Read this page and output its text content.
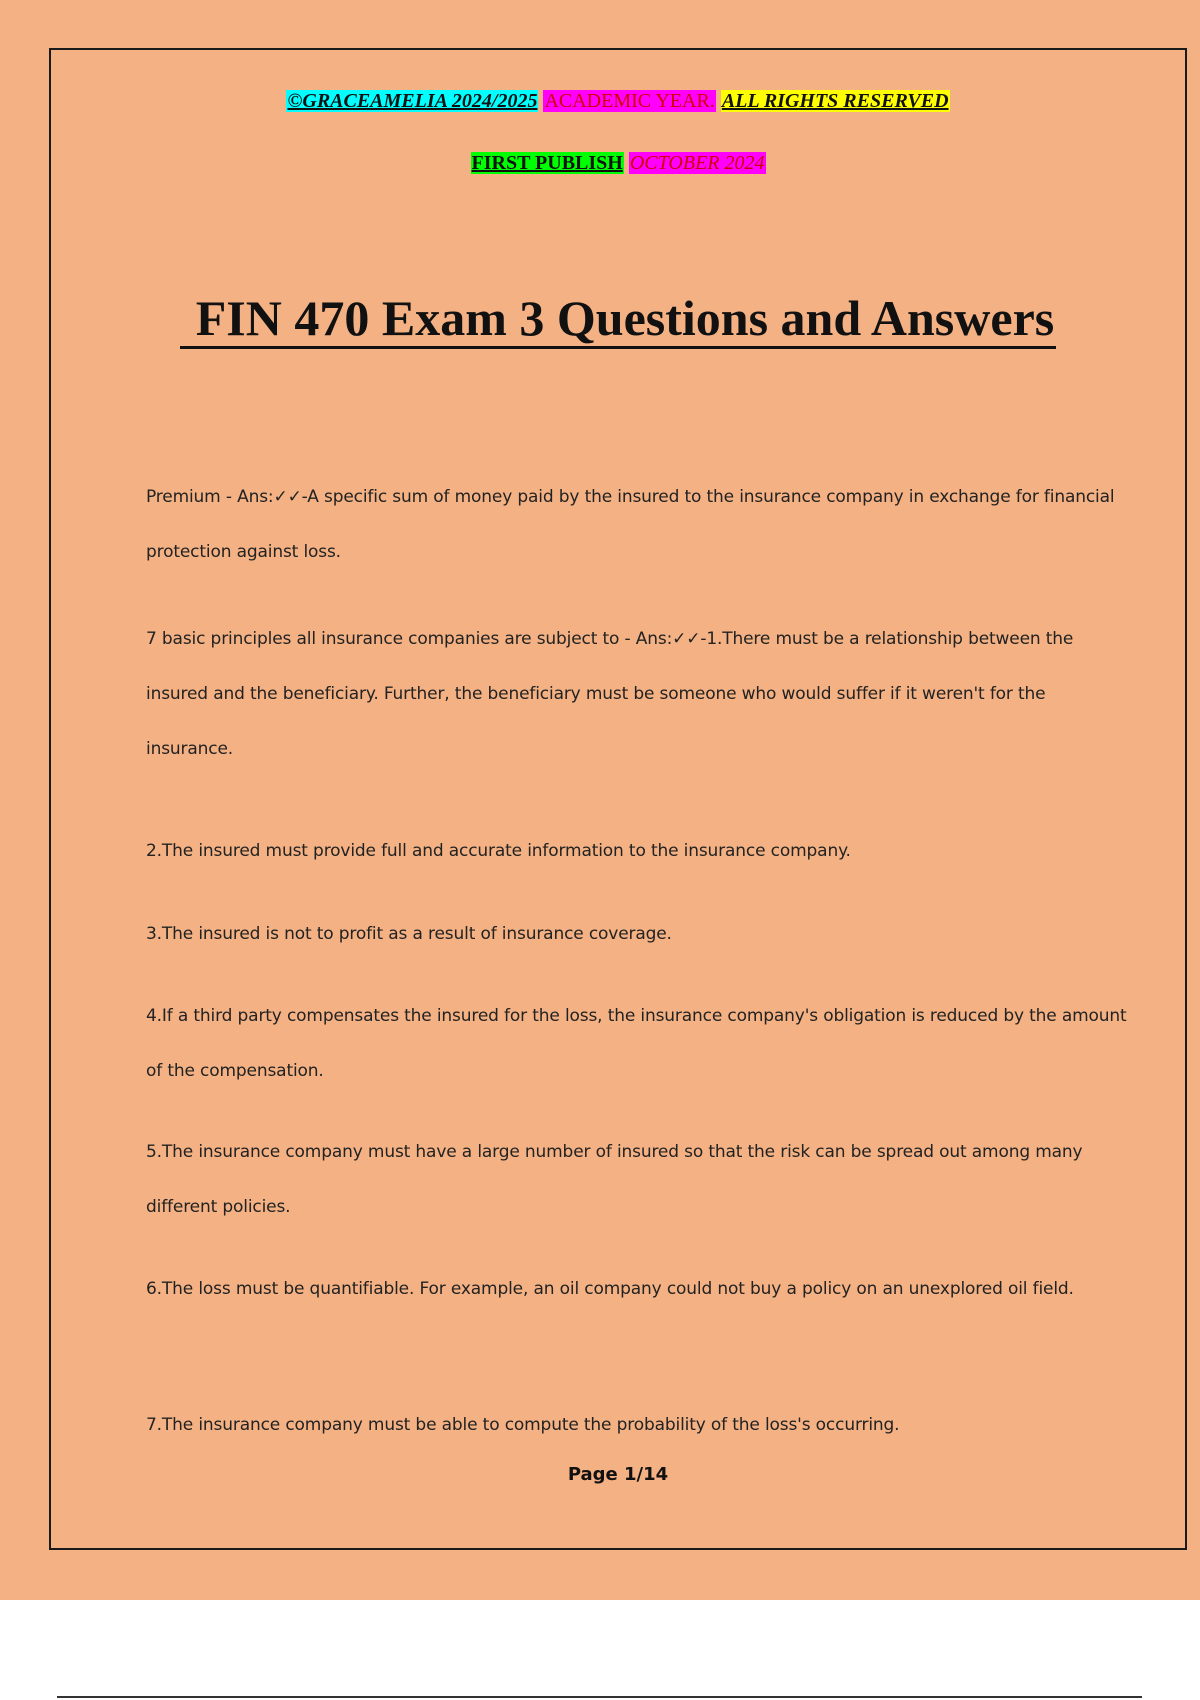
©GRACEAMELIA 2024/2025 ACADEMIC YEAR. ALL RIGHTS RESERVED
FIRST PUBLISH OCTOBER 2024
FIN 470 Exam 3 Questions and Answers

Premium - Ans:✓✓-A specific sum of money paid by the insured to the insurance company in exchange for financial protection against loss.

7 basic principles all insurance companies are subject to - Ans:✓✓-1.There must be a relationship between the insured and the beneficiary. Further, the beneficiary must be someone who would suffer if it weren't for the insurance.

2.The insured must provide full and accurate information to the insurance company.

3.The insured is not to profit as a result of insurance coverage.

4.If a third party compensates the insured for the loss, the insurance company's obligation is reduced by the amount of the compensation.

5.The insurance company must have a large number of insured so that the risk can be spread out among many different policies.

6.The loss must be quantifiable. For example, an oil company could not buy a policy on an unexplored oil field.

7.The insurance company must be able to compute the probability of the loss's occurring.

Page 1/14
